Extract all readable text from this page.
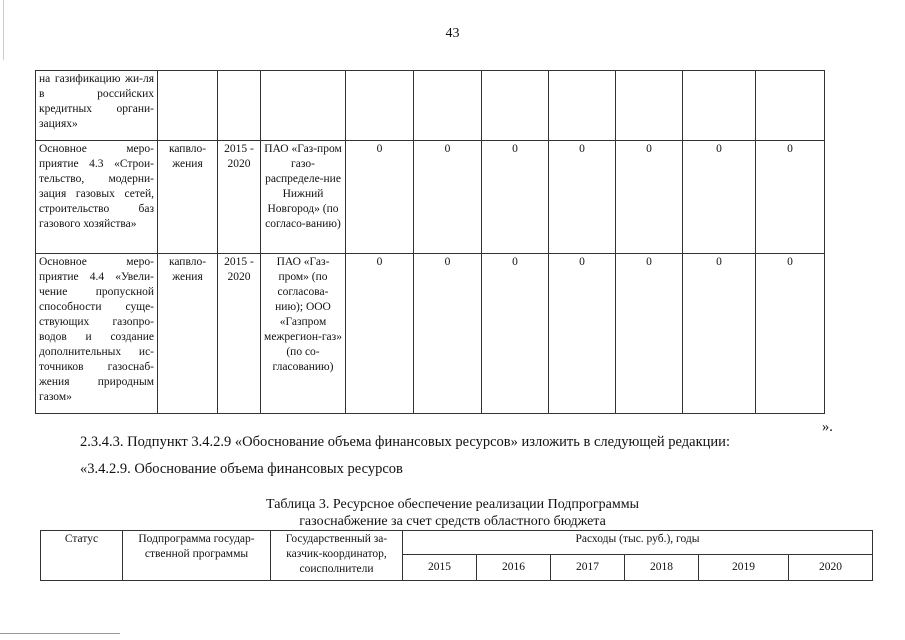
43
на газификацию жи-ля в российских кредитных органи-зациях»										
Основное меро-приятие 4.3 «Строи-тельство, модерни-зация газовых сетей, строительство баз газового хозяйства»	капвло-жения	2015 - 2020	ПАО «Газ-пром газо-распределе-ние Нижний Новгород» (по согласо-ванию)	0	0	0	0	0	0	0
Основное меро-приятие 4.4 «Увели-чение пропускной способности суще-ствующих газопро-водов и создание дополнительных ис-точников газоснаб-жения природным газом»	капвло-жения	2015 - 2020	ПАО «Газ-пром» (по согласова-нию); ООО «Газпром межрегион-газ» (по со-гласованию)	0	0	0	0	0	0	0
».
2.3.4.3. Подпункт 3.4.2.9 «Обоснование объема финансовых ресурсов» изложить в следующей редакции:
«3.4.2.9. Обоснование объема финансовых ресурсов
Таблица 3. Ресурсное обеспечение реализации Подпрограммы
газоснабжение за счет средств областного бюджета
Статус	Подпрограмма государ-ственной программы	Государственный за-казчик-координатор, соисполнители	Расходы (тыс. руб.), годы					
			2015	2016	2017	2018	2019	2020
